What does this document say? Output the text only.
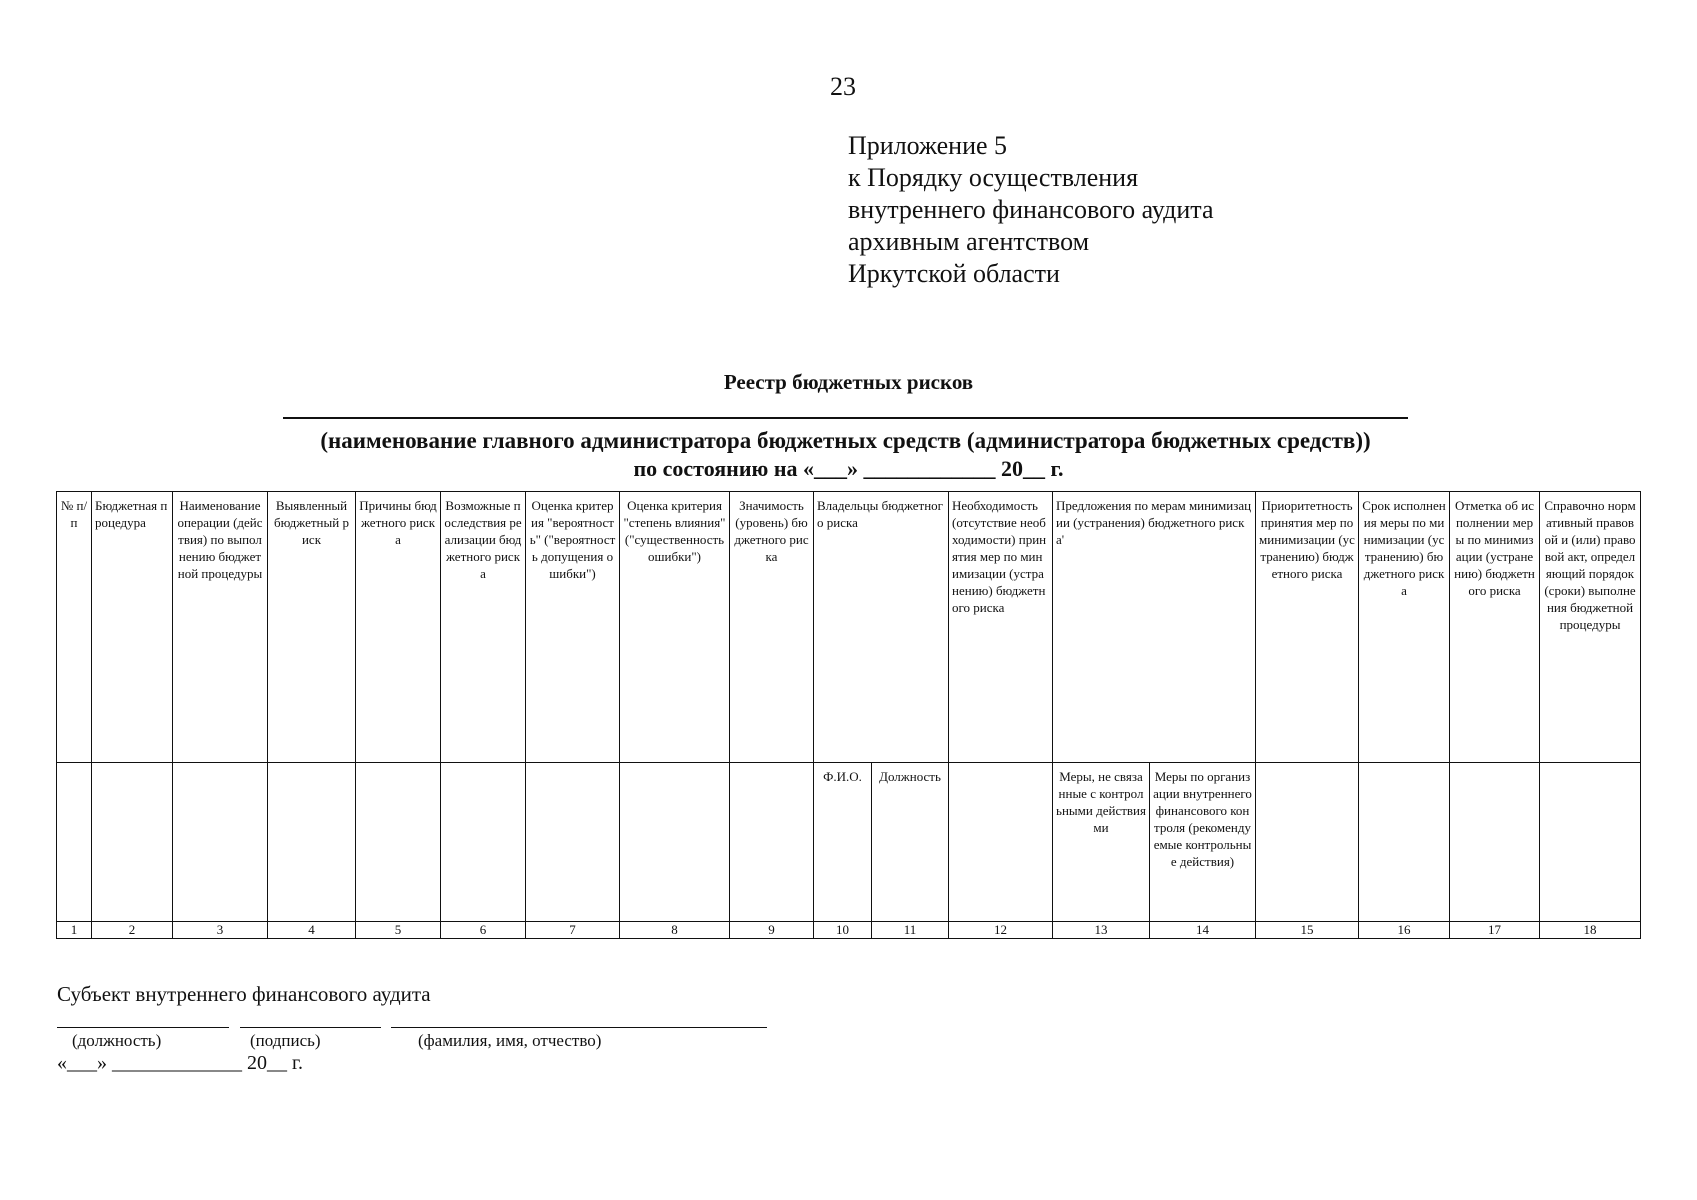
23
Приложение 5
к Порядку осуществления
внутреннего финансового аудита
архивным агентством
Иркутской области
Реестр бюджетных рисков
(наименование главного администратора бюджетных средств (администратора бюджетных средств))
по состоянию на «___» ____________ 20__ г.
№ п/п	Бюджетная процедура	Наименование операции (действия) по выполнению бюджетной процедуры	Выявленный бюджетный риск	Причины бюджетного риска	Возможные последствия реализации бюджетного риска	Оценка критерия "вероятность" ("вероятность допущения ошибки")	Оценка критерия "степень влияния" ("существенность ошибки")	Значимость (уровень) бюджетного риска	Владельцы бюджетного риска		Необходимость (отсутствие необходимости) принятия мер по минимизации (устранению) бюджетного риска	Предложения по мерам минимизации (устранения) бюджетного риска'		Приоритетность принятия мер по минимизации (устранению) бюджетного риска	Срок исполнения меры по минимизации (устранению) бюджетного риска	Отметка об исполнении меры по минимизации (устранению) бюджетного риска	Справочно нормативный правовой и (или) правовой акт, определяющий порядок (сроки) выполнения бюджетной процедуры
									Ф.И.О.	Должность		Меры, не связанные с контрольными действиями	Меры по организации внутреннего финансового контроля (рекомендуемые контрольные действия)				
1	2	3	4	5	6	7	8	9	10	11	12	13	14	15	16	17	18
Субъект внутреннего финансового аудита
(должность)	(подпись)	(фамилия, имя, отчество)
«___» _____________ 20__ г.
